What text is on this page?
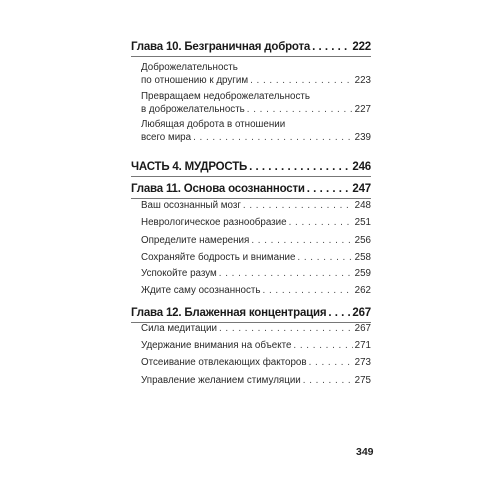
Глава 10. Безграничная доброта . . .	222
Доброжелательность
по отношению к другим . . .	223
Превращаем недоброжелательность
в доброжелательность . . .	227
Любящая доброта в отношении
всего мира . . .	239
ЧАСТЬ 4. МУДРОСТЬ . . .	246
Глава 11. Основа осознанности . . .	247
Ваш осознанный мозг . . .	248
Неврологическое разнообразие . . .	251
Определите намерения . . .	256
Сохраняйте бодрость и внимание . . .	258
Успокойте разум . . .	259
Ждите саму осознанность . . .	262
Глава 12. Блаженная концентрация . . . 267
Сила медитации . . .	267
Удержание внимания на объекте . . .	271
Отсеивание отвлекающих факторов . . .	273
Управление желанием стимуляции . . .	275
349
